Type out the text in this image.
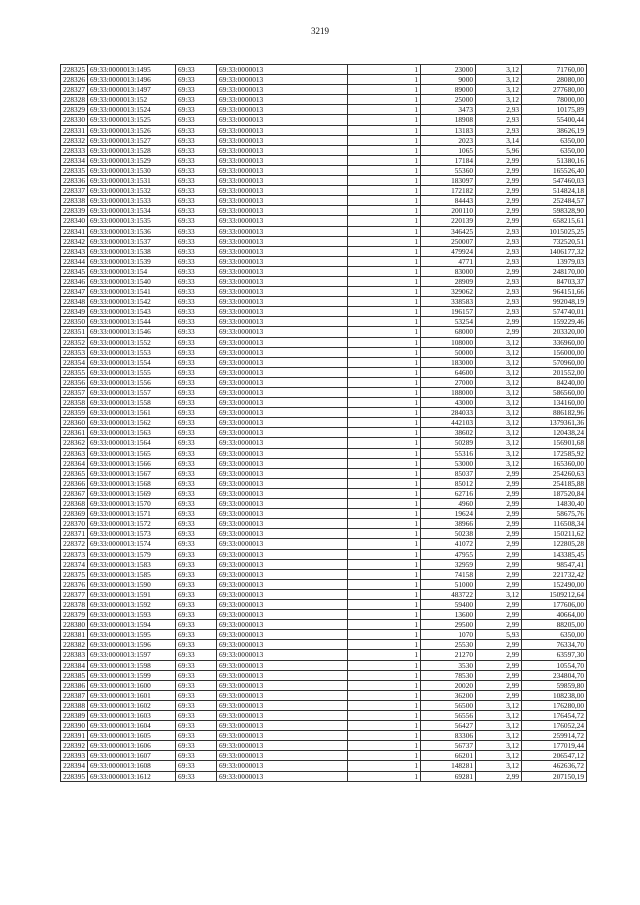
3219
228325	69:33:0000013:1495	69:33	69:33:0000013	1	23000	3,12	71760,00
228326	69:33:0000013:1496	69:33	69:33:0000013	1	9000	3,12	28080,00
228327	69:33:0000013:1497	69:33	69:33:0000013	1	89000	3,12	277680,00
228328	69:33:0000013:152	69:33	69:33:0000013	1	25000	3,12	78000,00
228329	69:33:0000013:1524	69:33	69:33:0000013	1	3473	2,93	10175,89
228330	69:33:0000013:1525	69:33	69:33:0000013	1	18908	2,93	55400,44
228331	69:33:0000013:1526	69:33	69:33:0000013	1	13183	2,93	38626,19
228332	69:33:0000013:1527	69:33	69:33:0000013	1	2023	3,14	6350,00
228333	69:33:0000013:1528	69:33	69:33:0000013	1	1065	5,96	6350,00
228334	69:33:0000013:1529	69:33	69:33:0000013	1	17184	2,99	51380,16
228335	69:33:0000013:1530	69:33	69:33:0000013	1	55360	2,99	165526,40
228336	69:33:0000013:1531	69:33	69:33:0000013	1	183097	2,99	547460,03
228337	69:33:0000013:1532	69:33	69:33:0000013	1	172182	2,99	514824,18
228338	69:33:0000013:1533	69:33	69:33:0000013	1	84443	2,99	252484,57
228339	69:33:0000013:1534	69:33	69:33:0000013	1	200110	2,99	598328,90
228340	69:33:0000013:1535	69:33	69:33:0000013	1	220139	2,99	658215,61
228341	69:33:0000013:1536	69:33	69:33:0000013	1	346425	2,93	1015025,25
228342	69:33:0000013:1537	69:33	69:33:0000013	1	250007	2,93	732520,51
228343	69:33:0000013:1538	69:33	69:33:0000013	1	479924	2,93	1406177,32
228344	69:33:0000013:1539	69:33	69:33:0000013	1	4771	2,93	13979,03
228345	69:33:0000013:154	69:33	69:33:0000013	1	83000	2,99	248170,00
228346	69:33:0000013:1540	69:33	69:33:0000013	1	28909	2,93	84703,37
228347	69:33:0000013:1541	69:33	69:33:0000013	1	329062	2,93	964151,66
228348	69:33:0000013:1542	69:33	69:33:0000013	1	338583	2,93	992048,19
228349	69:33:0000013:1543	69:33	69:33:0000013	1	196157	2,93	574740,01
228350	69:33:0000013:1544	69:33	69:33:0000013	1	53254	2,99	159229,46
228351	69:33:0000013:1546	69:33	69:33:0000013	1	68000	2,99	203320,00
228352	69:33:0000013:1552	69:33	69:33:0000013	1	108000	3,12	336960,00
228353	69:33:0000013:1553	69:33	69:33:0000013	1	50000	3,12	156000,00
228354	69:33:0000013:1554	69:33	69:33:0000013	1	183000	3,12	570960,00
228355	69:33:0000013:1555	69:33	69:33:0000013	1	64600	3,12	201552,00
228356	69:33:0000013:1556	69:33	69:33:0000013	1	27000	3,12	84240,00
228357	69:33:0000013:1557	69:33	69:33:0000013	1	188000	3,12	586560,00
228358	69:33:0000013:1558	69:33	69:33:0000013	1	43000	3,12	134160,00
228359	69:33:0000013:1561	69:33	69:33:0000013	1	284033	3,12	886182,96
228360	69:33:0000013:1562	69:33	69:33:0000013	1	442103	3,12	1379361,36
228361	69:33:0000013:1563	69:33	69:33:0000013	1	38602	3,12	120438,24
228362	69:33:0000013:1564	69:33	69:33:0000013	1	50289	3,12	156901,68
228363	69:33:0000013:1565	69:33	69:33:0000013	1	55316	3,12	172585,92
228364	69:33:0000013:1566	69:33	69:33:0000013	1	53000	3,12	165360,00
228365	69:33:0000013:1567	69:33	69:33:0000013	1	85037	2,99	254260,63
228366	69:33:0000013:1568	69:33	69:33:0000013	1	85012	2,99	254185,88
228367	69:33:0000013:1569	69:33	69:33:0000013	1	62716	2,99	187520,84
228368	69:33:0000013:1570	69:33	69:33:0000013	1	4960	2,99	14830,40
228369	69:33:0000013:1571	69:33	69:33:0000013	1	19624	2,99	58675,76
228370	69:33:0000013:1572	69:33	69:33:0000013	1	38966	2,99	116508,34
228371	69:33:0000013:1573	69:33	69:33:0000013	1	50238	2,99	150211,62
228372	69:33:0000013:1574	69:33	69:33:0000013	1	41072	2,99	122805,28
228373	69:33:0000013:1579	69:33	69:33:0000013	1	47955	2,99	143385,45
228374	69:33:0000013:1583	69:33	69:33:0000013	1	32959	2,99	98547,41
228375	69:33:0000013:1585	69:33	69:33:0000013	1	74158	2,99	221732,42
228376	69:33:0000013:1590	69:33	69:33:0000013	1	51000	2,99	152490,00
228377	69:33:0000013:1591	69:33	69:33:0000013	1	483722	3,12	1509212,64
228378	69:33:0000013:1592	69:33	69:33:0000013	1	59400	2,99	177606,00
228379	69:33:0000013:1593	69:33	69:33:0000013	1	13600	2,99	40664,00
228380	69:33:0000013:1594	69:33	69:33:0000013	1	29500	2,99	88205,00
228381	69:33:0000013:1595	69:33	69:33:0000013	1	1070	5,93	6350,00
228382	69:33:0000013:1596	69:33	69:33:0000013	1	25530	2,99	76334,70
228383	69:33:0000013:1597	69:33	69:33:0000013	1	21270	2,99	63597,30
228384	69:33:0000013:1598	69:33	69:33:0000013	1	3530	2,99	10554,70
228385	69:33:0000013:1599	69:33	69:33:0000013	1	78530	2,99	234804,70
228386	69:33:0000013:1600	69:33	69:33:0000013	1	20020	2,99	59859,80
228387	69:33:0000013:1601	69:33	69:33:0000013	1	36200	2,99	108238,00
228388	69:33:0000013:1602	69:33	69:33:0000013	1	56500	3,12	176280,00
228389	69:33:0000013:1603	69:33	69:33:0000013	1	56556	3,12	176454,72
228390	69:33:0000013:1604	69:33	69:33:0000013	1	56427	3,12	176052,24
228391	69:33:0000013:1605	69:33	69:33:0000013	1	83306	3,12	259914,72
228392	69:33:0000013:1606	69:33	69:33:0000013	1	56737	3,12	177019,44
228393	69:33:0000013:1607	69:33	69:33:0000013	1	66201	3,12	206547,12
228394	69:33:0000013:1608	69:33	69:33:0000013	1	148281	3,12	462636,72
228395	69:33:0000013:1612	69:33	69:33:0000013	1	69281	2,99	207150,19
